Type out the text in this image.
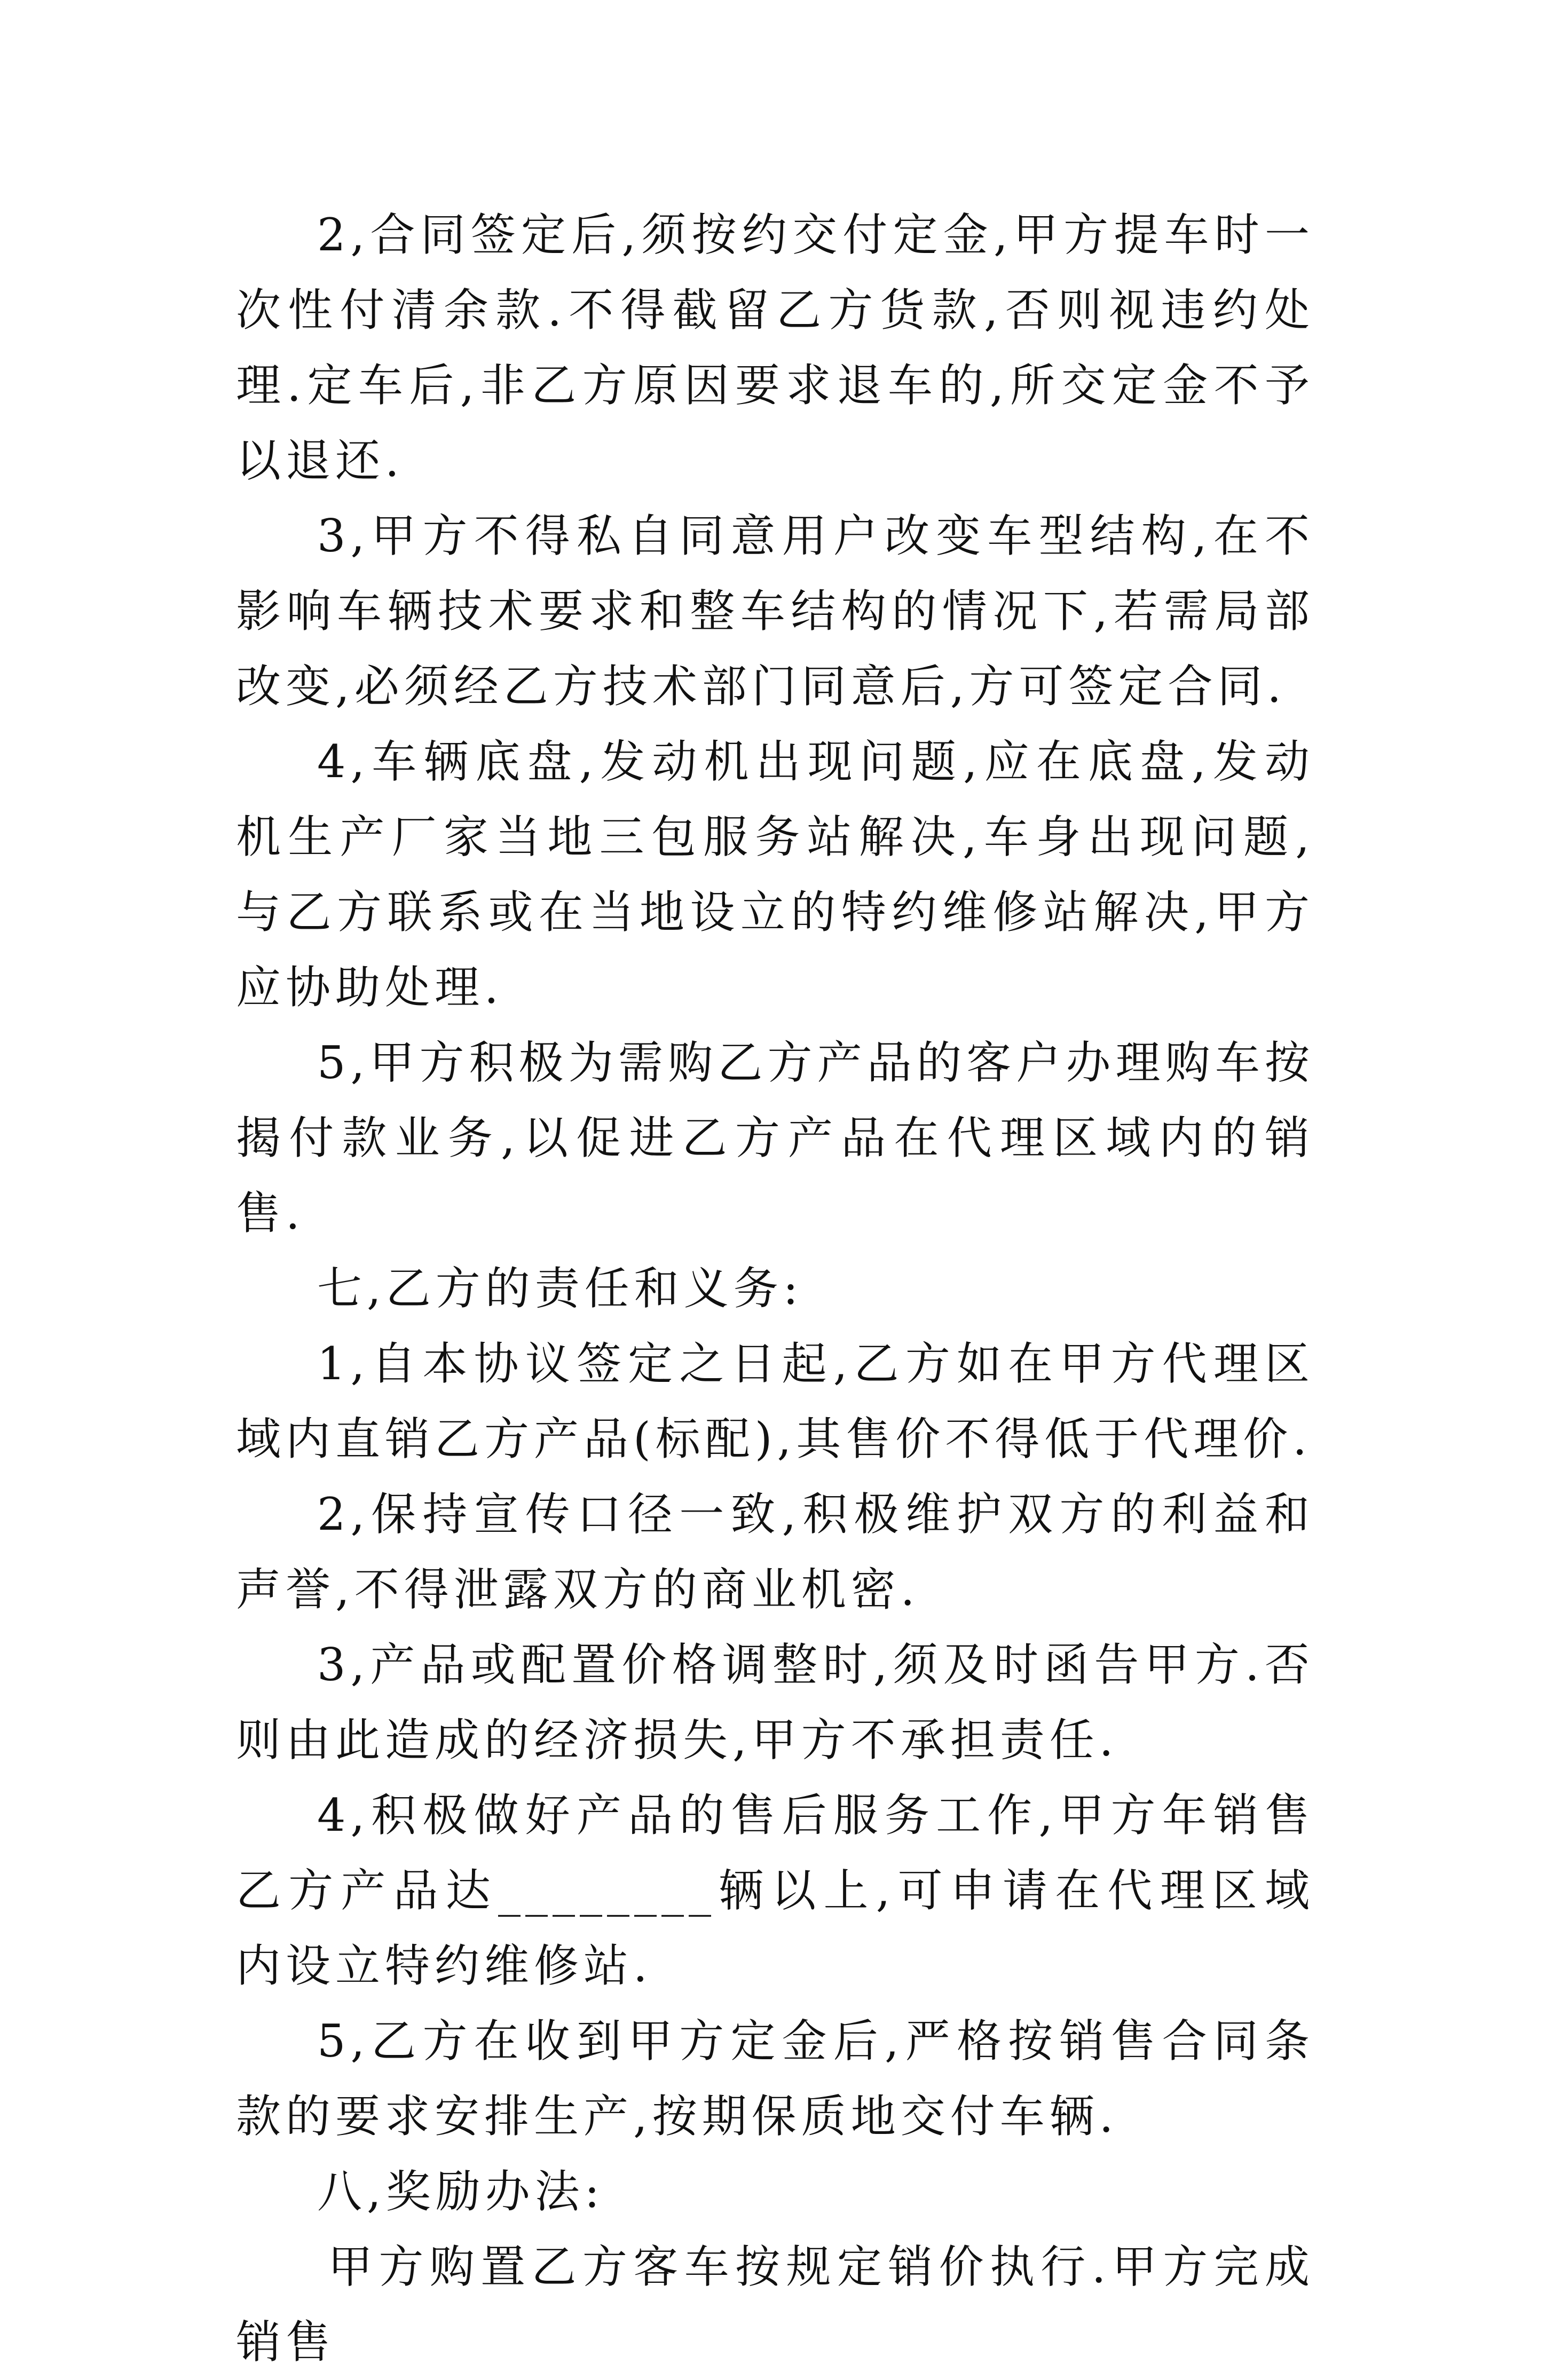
2,合同签定后,须按约交付定金,甲方提车时一次性付清余款.不得截留乙方货款,否则视违约处理.定车后,非乙方原因要求退车的,所交定金不予以退还.

3,甲方不得私自同意用户改变车型结构,在不影响车辆技术要求和整车结构的情况下,若需局部改变,必须经乙方技术部门同意后,方可签定合同.

4,车辆底盘,发动机出现问题,应在底盘,发动机生产厂家当地三包服务站解决,车身出现问题,与乙方联系或在当地设立的特约维修站解决,甲方应协助处理.

5,甲方积极为需购乙方产品的客户办理购车按揭付款业务,以促进乙方产品在代理区域内的销售.

七,乙方的责任和义务:

1,自本协议签定之日起,乙方如在甲方代理区域内直销乙方产品(标配),其售价不得低于代理价.

2,保持宣传口径一致,积极维护双方的利益和声誉,不得泄露双方的商业机密.

3,产品或配置价格调整时,须及时函告甲方.否则由此造成的经济损失,甲方不承担责任.

4,积极做好产品的售后服务工作,甲方年销售乙方产品达________辆以上,可申请在代理区域内设立特约维修站.

5,乙方在收到甲方定金后,严格按销售合同条款的要求安排生产,按期保质地交付车辆.

八,奖励办法:

甲方购置乙方客车按规定销价执行.甲方完成销售
